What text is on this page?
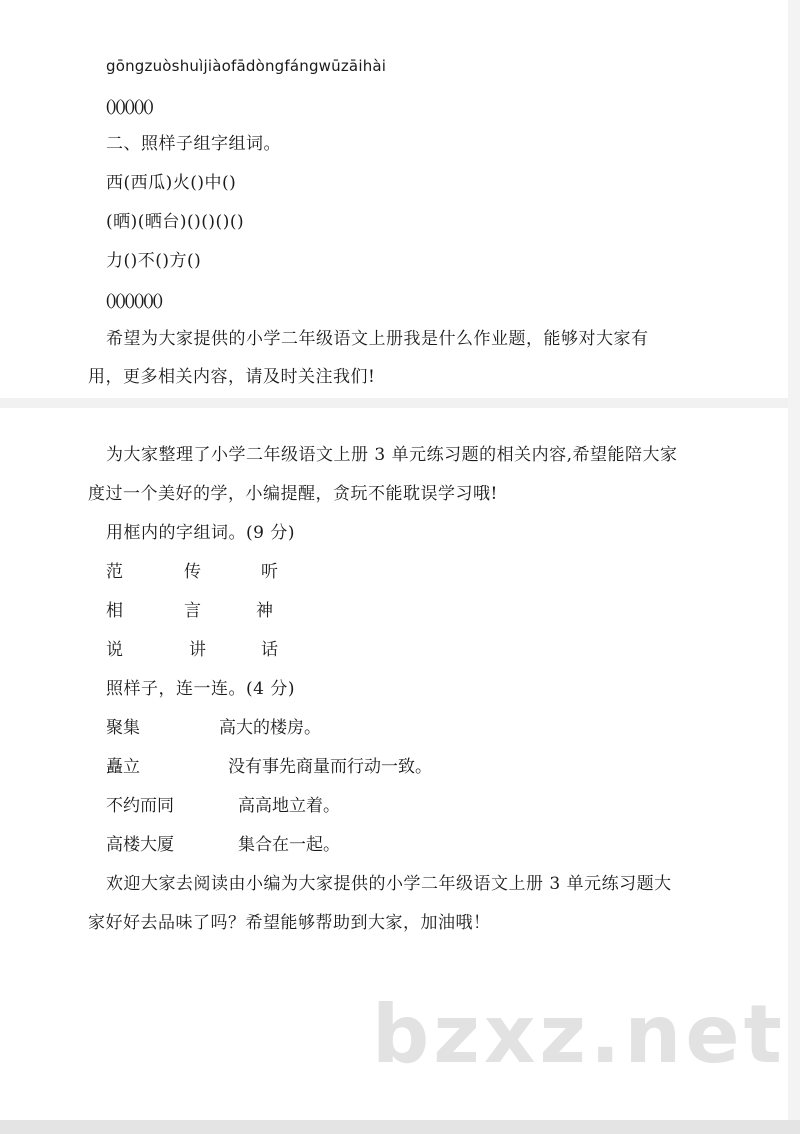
gōngzuòshuìjiàofādòngfángwūzāihài
()()()()()
二、照样子组字组词。
西(西瓜)火()中()
(晒)(晒台)()()()()
力()不()方()
()()()()()()
希望为大家提供的小学二年级语文上册我是什么作业题，能够对大家有
用，更多相关内容，请及时关注我们!
为大家整理了小学二年级语文上册 3 单元练习题的相关内容,希望能陪大家
度过一个美好的学，小编提醒，贪玩不能耽误学习哦!
用框内的字组词。(9 分)
范	传	听
相	言	神
说	讲	话
照样子，连一连。(4 分)
聚集	高大的楼房。
矗立	没有事先商量而行动一致。
不约而同	高高地立着。
高楼大厦	集合在一起。
欢迎大家去阅读由小编为大家提供的小学二年级语文上册 3 单元练习题大
家好好去品味了吗？希望能够帮助到大家，加油哦！
bzxz.net
